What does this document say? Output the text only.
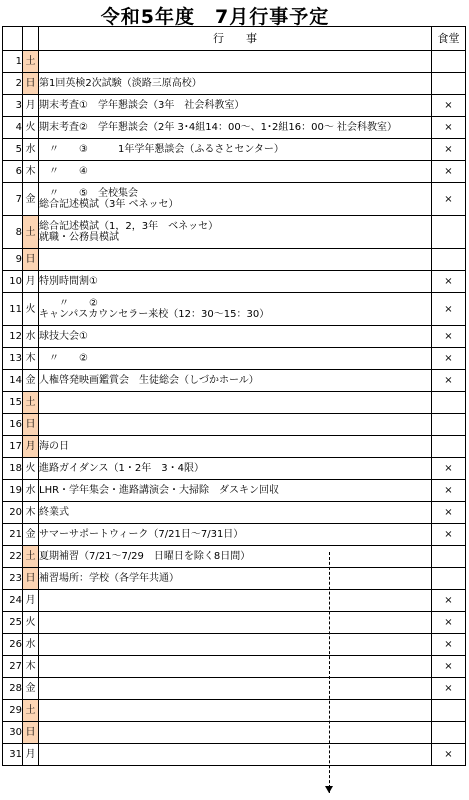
令和5年度　7月行事予定
		行　　事	食堂
1	土	

2	日	第1回英検2次試験（淡路三原高校）	

3	月	期末考査①　学年懇談会（3年　社会科教室）	×
4	火	期末考査②　学年懇談会（2年 3･4組14：00～、1･2組16：00～ 社会科教室）	×
5	水	　〃　　③　　　1年学年懇談会（ふるさとセンター）	×
6	木	　〃　　④	×
7	金	　〃　　⑤　全校集会
総合記述模試（3年 ベネッセ）	×
8	土	総合記述模試（1，2，3年　ベネッセ）
就職・公務員模試	

9	日	

10	月	特別時間割①	×
11	火	　　〃　　②
キャンパスカウンセラー来校（12：30～15：30）	×
12	水	球技大会①	×
13	木	　〃　　②	×
14	金	人権啓発映画鑑賞会　生徒総会（しづかホール）	×
15	土	

16	日	

17	月	海の日	

18	火	進路ガイダンス（1・2年　3・4限）	×
19	水	LHR・学年集会・進路講演会・大掃除　ダスキン回収	×
20	木	終業式	×
21	金	サマーサポートウィーク（7/21日～7/31日）	×
22	土	夏期補習（7/21～7/29　日曜日を除く8日間）	

23	日	補習場所：学校（各学年共通）	

24	月		×
25	火		×
26	水		×
27	木		×
28	金		×
29	土	

30	日	

31	月		×
